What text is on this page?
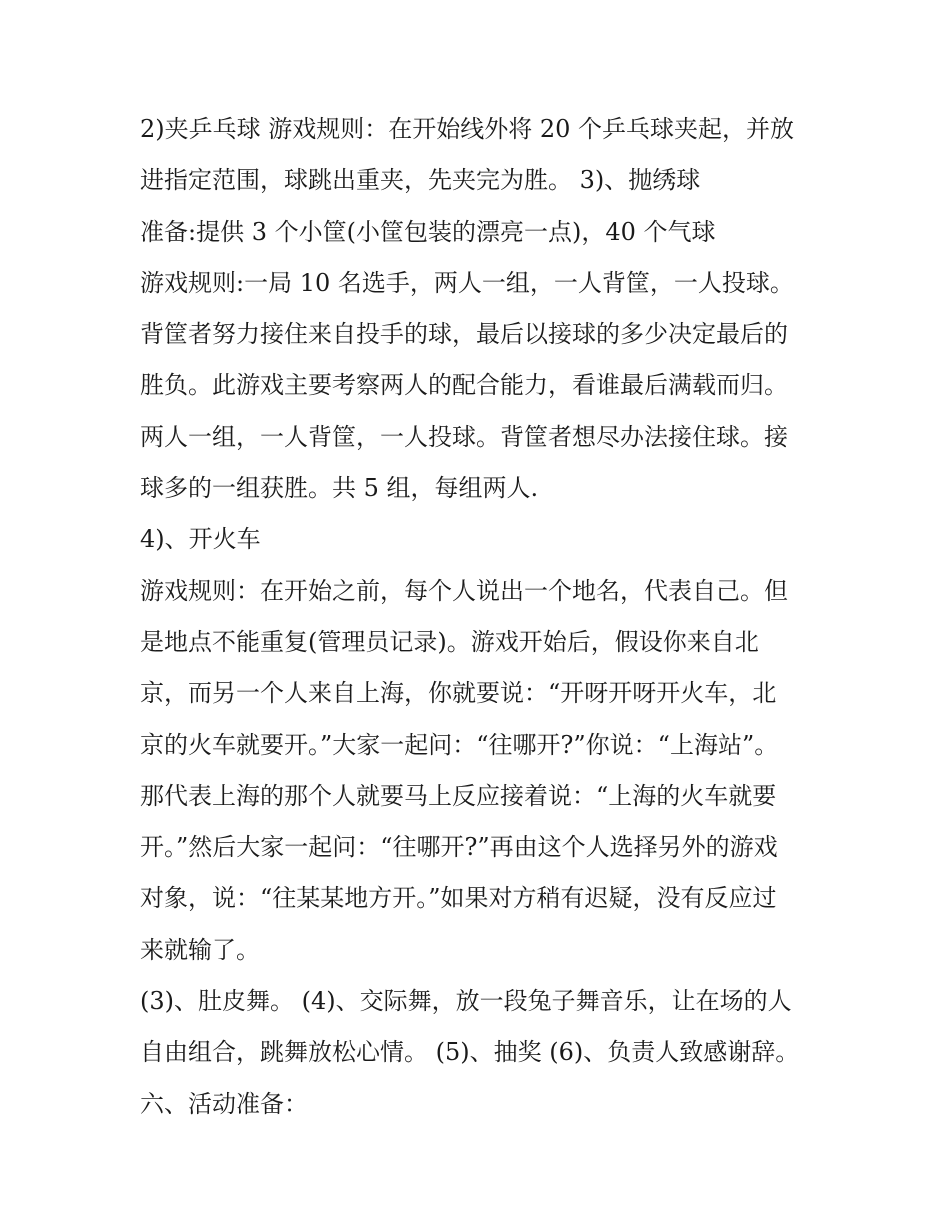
2)夹乒乓球 游戏规则：在开始线外将 20 个乒乓球夹起，并放
进指定范围，球跳出重夹，先夹完为胜。 3)、抛绣球
准备:提供 3 个小筐(小筐包装的漂亮一点)，40 个气球
游戏规则:一局 10 名选手，两人一组，一人背筐，一人投球。
背筐者努力接住来自投手的球，最后以接球的多少决定最后的
胜负。此游戏主要考察两人的配合能力，看谁最后满载而归。
两人一组，一人背筐，一人投球。背筐者想尽办法接住球。接
球多的一组获胜。共 5 组，每组两人.
4)、开火车
游戏规则：在开始之前，每个人说出一个地名，代表自己。但
是地点不能重复(管理员记录)。游戏开始后，假设你来自北
京，而另一个人来自上海，你就要说：“开呀开呀开火车，北
京的火车就要开。”大家一起问：“往哪开?”你说：“上海站”。
那代表上海的那个人就要马上反应接着说：“上海的火车就要
开。”然后大家一起问：“往哪开?”再由这个人选择另外的游戏
对象，说：“往某某地方开。”如果对方稍有迟疑，没有反应过
来就输了。
(3)、肚皮舞。 (4)、交际舞，放一段兔子舞音乐，让在场的人
自由组合，跳舞放松心情。 (5)、抽奖 (6)、负责人致感谢辞。
六、活动准备：
